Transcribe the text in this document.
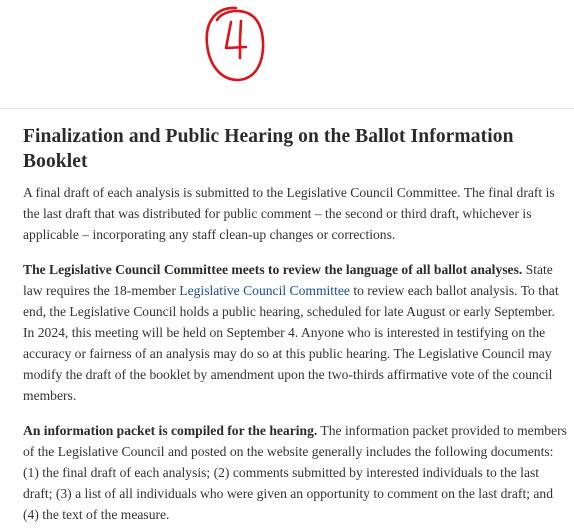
Finalization and Public Hearing on the Ballot Information Booklet

A final draft of each analysis is submitted to the Legislative Council Committee. The final draft is the last draft that was distributed for public comment – the second or third draft, whichever is applicable – incorporating any staff clean-up changes or corrections.

The Legislative Council Committee meets to review the language of all ballot analyses. State law requires the 18-member Legislative Council Committee to review each ballot analysis. To that end, the Legislative Council holds a public hearing, scheduled for late August or early September. In 2024, this meeting will be held on September 4. Anyone who is interested in testifying on the accuracy or fairness of an analysis may do so at this public hearing. The Legislative Council may modify the draft of the booklet by amendment upon the two-thirds affirmative vote of the council members.

An information packet is compiled for the hearing. The information packet provided to members of the Legislative Council and posted on the website generally includes the following documents: (1) the final draft of each analysis; (2) comments submitted by interested individuals to the last draft; (3) a list of all individuals who were given an opportunity to comment on the last draft; and (4) the text of the measure.
